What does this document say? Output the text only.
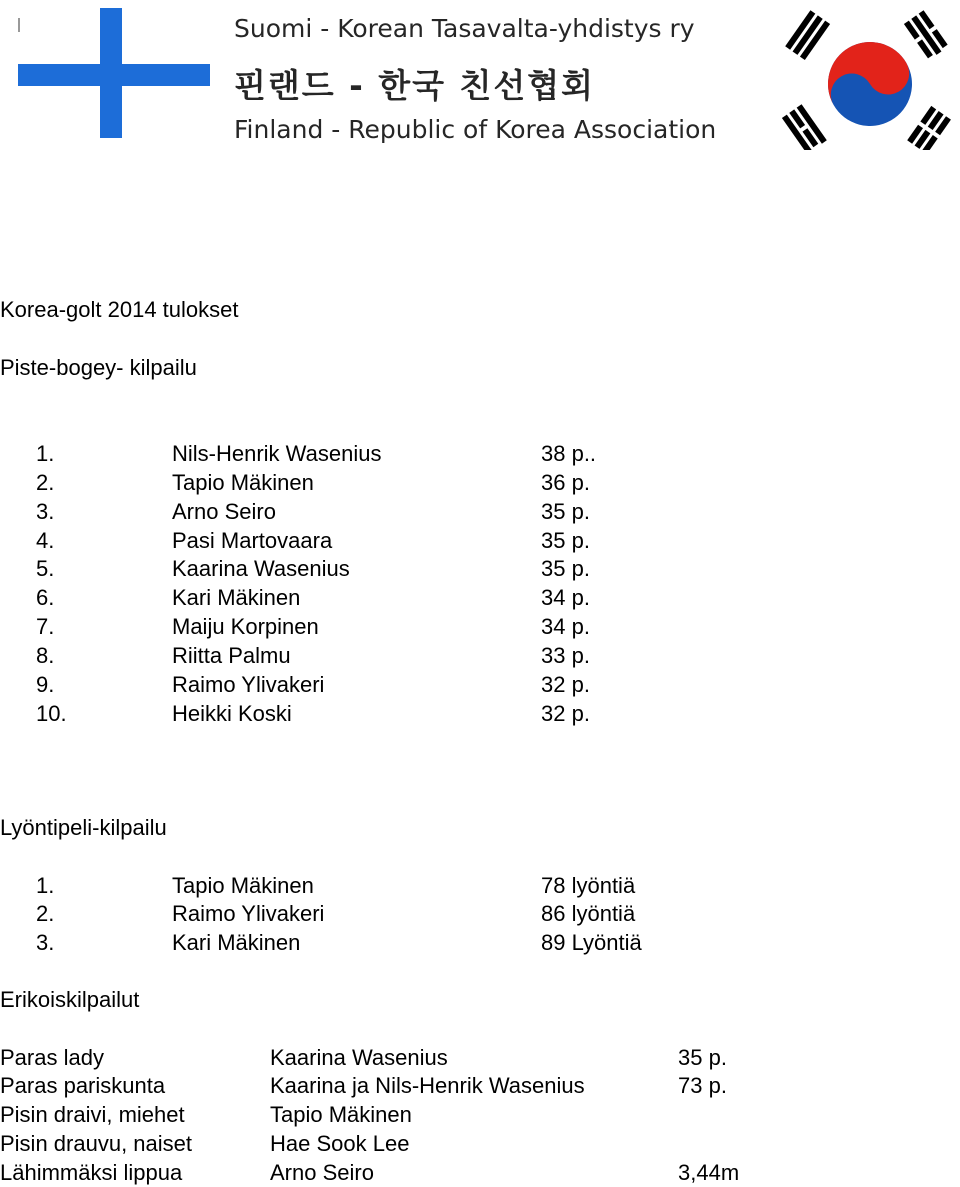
Suomi - Korean Tasavalta-yhdistys ry
핀랜드 - 한국 친선협회
Finland - Republic of Korea Association
Korea-golt 2014 tulokset
Piste-bogey- kilpailu
1.	Nils-Henrik Wasenius	38 p..
2.	Tapio Mäkinen	36 p.
3.	Arno Seiro	35 p.
4.	Pasi Martovaara	35 p.
5.	Kaarina Wasenius	35 p.
6.	Kari Mäkinen	34 p.
7.	Maiju Korpinen	34 p.
8.	Riitta Palmu	33 p.
9.	Raimo Ylivakeri	32 p.
10.	Heikki Koski	32 p.
Lyöntipeli-kilpailu
1.	Tapio Mäkinen	78 lyöntiä
2.	Raimo Ylivakeri	86 lyöntiä
3.	Kari Mäkinen	89 Lyöntiä
Erikoiskilpailut
Paras lady	Kaarina Wasenius	35 p.
Paras pariskunta	Kaarina ja Nils-Henrik Wasenius	73 p.
Pisin draivi, miehet	Tapio Mäkinen
Pisin drauvu, naiset	Hae Sook Lee
Lähimmäksi lippua	Arno Seiro	3,44m
